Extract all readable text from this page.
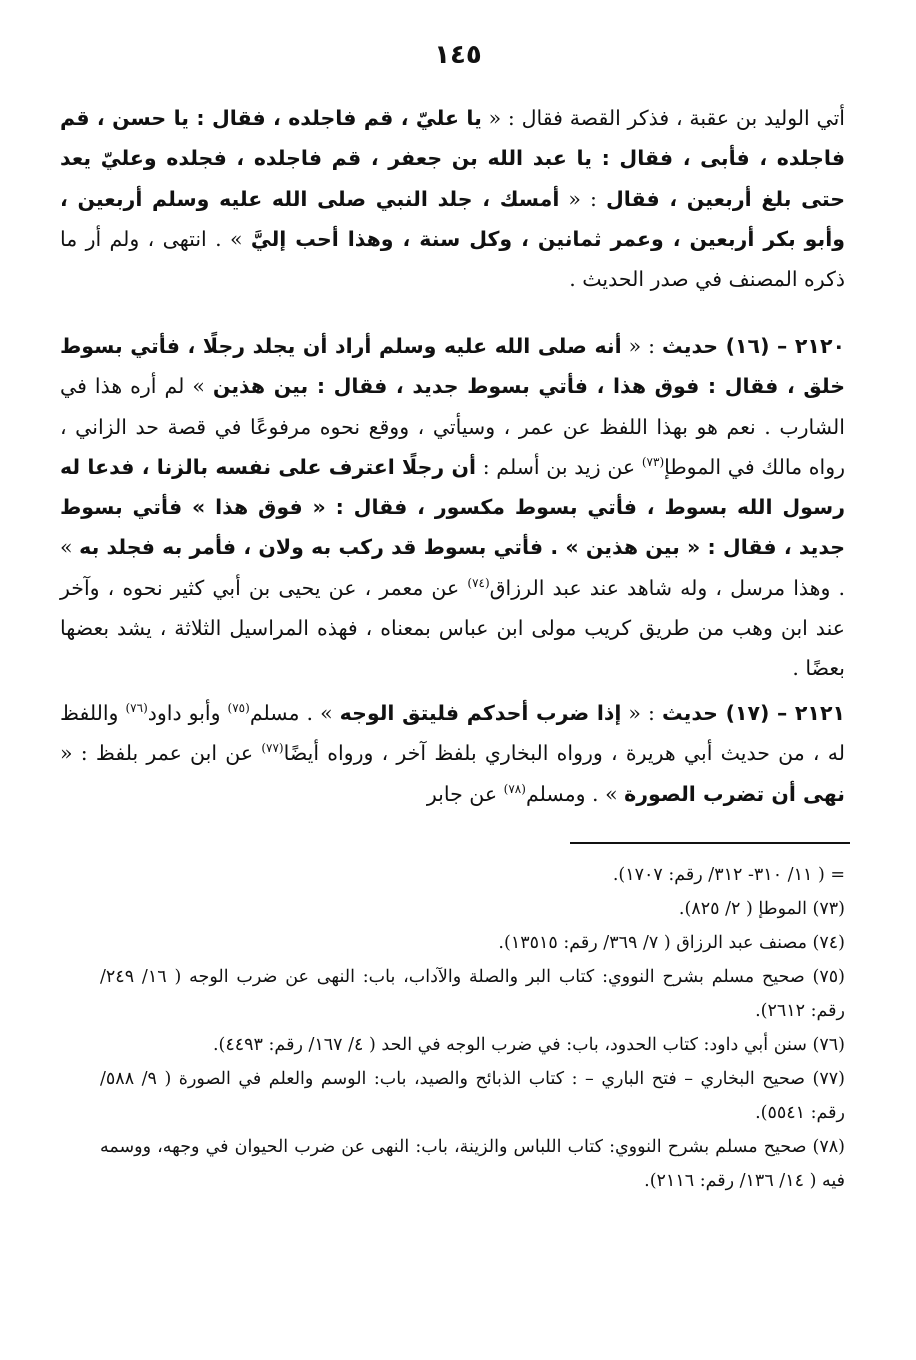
١٤٥

أتي الوليد بن عقبة ، فذكر القصة فقال : « يا عليّ ، قم فاجلده ، فقال : يا حسن ، قم فاجلده ، فأبى ، فقال : يا عبد الله بن جعفر ، قم فاجلده ، فجلده وعليّ يعد حتى بلغ أربعين ، فقال : « أمسك ، جلد النبي صلى الله عليه وسلم أربعين ، وأبو بكر أربعين ، وعمر ثمانين ، وكل سنة ، وهذا أحب إليَّ » . انتهى ، ولم أر ما ذكره المصنف في صدر الحديث .

٢١٢٠ – (١٦) حديث : « أنه صلى الله عليه وسلم أراد أن يجلد رجلًا ، فأتي بسوط خلق ، فقال : فوق هذا ، فأتي بسوط جديد ، فقال : بين هذين » لم أره هذا في الشارب . نعم هو بهذا اللفظ عن عمر ، وسيأتي ، ووقع نحوه مرفوعًا في قصة حد الزاني ، رواه مالك في الموطإ$^{(٧٣)}$ عن زيد بن أسلم : أن رجلًا اعترف على نفسه بالزنا ، فدعا له رسول الله بسوط ، فأتي بسوط مكسور ، فقال : « فوق هذا » فأتي بسوط جديد ، فقال : « بين هذين » . فأتي بسوط قد ركب به ولان ، فأمر به فجلد به » . وهذا مرسل ، وله شاهد عند عبد الرزاق$^{(٧٤)}$ عن معمر ، عن يحيى بن أبي كثير نحوه ، وآخر عند ابن وهب من طريق كريب مولى ابن عباس بمعناه ، فهذه المراسيل الثلاثة ، يشد بعضها بعضًا .

٢١٢١ – (١٧) حديث : « إذا ضرب أحدكم فليتق الوجه » . مسلم$^{(٧٥)}$ وأبو داود$^{(٧٦)}$ واللفظ له ، من حديث أبي هريرة ، ورواه البخاري بلفظ آخر ، ورواه أيضًا$^{(٧٧)}$ عن ابن عمر بلفظ : « نهى أن تضرب الصورة » . ومسلم$^{(٧٨)}$ عن جابر

= ( ١١/ ٣١٠- ٣١٢/ رقم: ١٧٠٧).

(٧٣) الموطإ ( ٢/ ٨٢٥).

(٧٤) مصنف عبد الرزاق ( ٧/ ٣٦٩/ رقم: ١٣٥١٥).

(٧٥) صحيح مسلم بشرح النووي: كتاب البر والصلة والآداب، باب: النهى عن ضرب الوجه ( ١٦/ ٢٤٩/ رقم: ٢٦١٢).

(٧٦) سنن أبي داود: كتاب الحدود، باب: في ضرب الوجه في الحد ( ٤/ ١٦٧/ رقم: ٤٤٩٣).

(٧٧) صحيح البخاري – فتح الباري – : كتاب الذبائح والصيد، باب: الوسم والعلم في الصورة ( ٩/ ٥٨٨/ رقم: ٥٥٤١).

(٧٨) صحيح مسلم بشرح النووي: كتاب اللباس والزينة، باب: النهى عن ضرب الحيوان في وجهه، ووسمه فيه ( ١٤/ ١٣٦/ رقم: ٢١١٦).
